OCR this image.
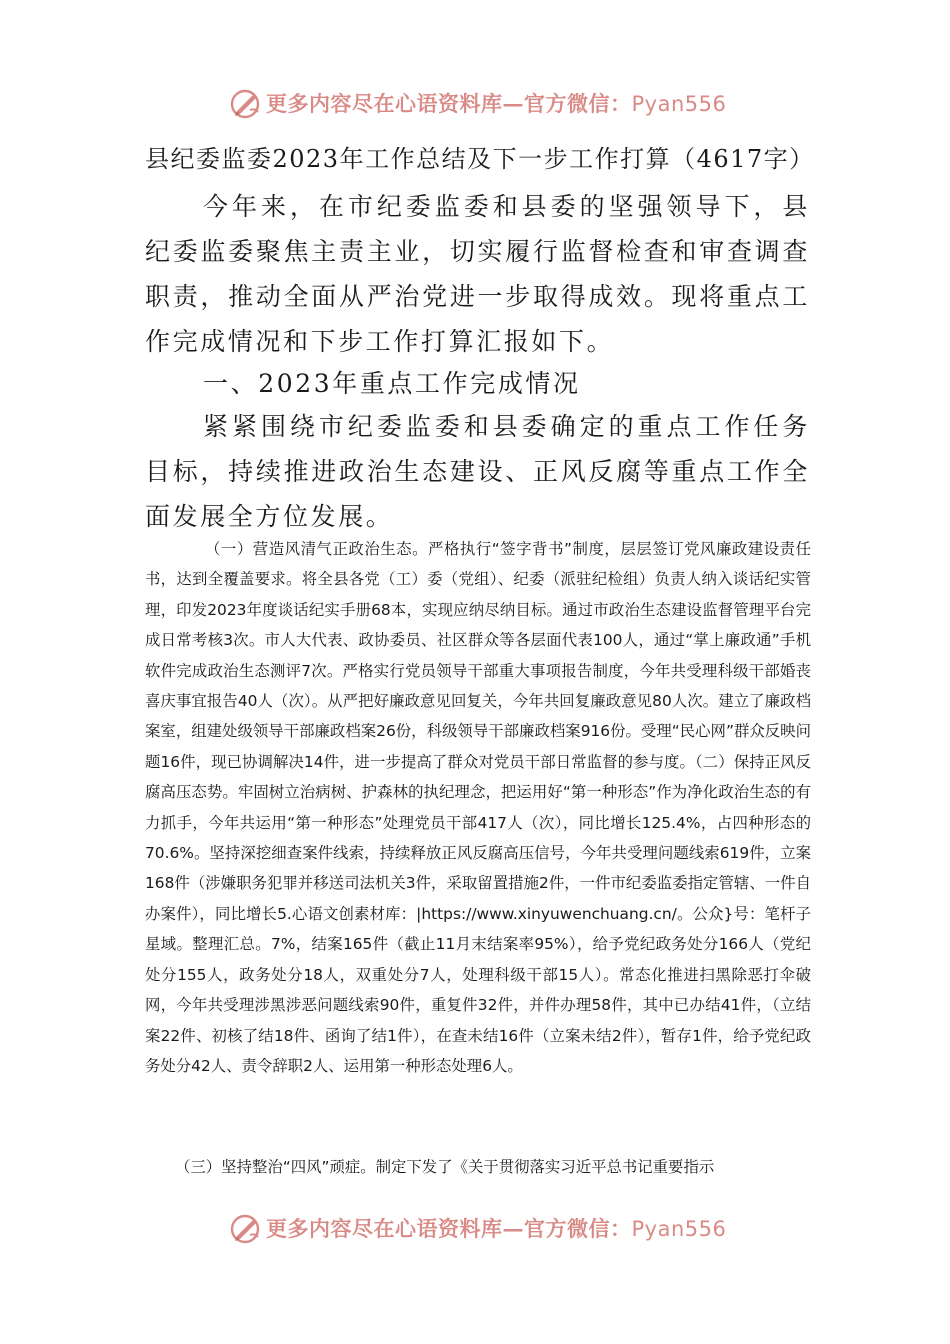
更多内容尽在心语资料库—官方微信：Pyan556
县纪委监委2023年工作总结及下一步工作打算（4617字）

今年来，在市纪委监委和县委的坚强领导下，县纪委监委聚焦主责主业，切实履行监督检查和审查调查职责，推动全面从严治党进一步取得成效。现将重点工作完成情况和下步工作打算汇报如下。

一、2023年重点工作完成情况

紧紧围绕市纪委监委和县委确定的重点工作任务目标，持续推进政治生态建设、正风反腐等重点工作全面发展全方位发展。

（一）营造风清气正政治生态。严格执行“签字背书”制度，层层签订党风廉政建设责任书，达到全覆盖要求。将全县各党（工）委（党组）、纪委（派驻纪检组）负责人纳入谈话纪实管理，印发2023年度谈话纪实手册68本，实现应纳尽纳目标。通过市政治生态建设监督管理平台完成日常考核3次。市人大代表、政协委员、社区群众等各层面代表100人，通过“掌上廉政通”手机软件完成政治生态测评7次。严格实行党员领导干部重大事项报告制度，今年共受理科级干部婚丧喜庆事宜报告40人（次）。从严把好廉政意见回复关，今年共回复廉政意见80人次。建立了廉政档案室，组建处级领导干部廉政档案26份，科级领导干部廉政档案916份。受理“民心网”群众反映问题16件，现已协调解决14件，进一步提高了群众对党员干部日常监督的参与度。（二）保持正风反腐高压态势。牢固树立治病树、护森林的执纪理念，把运用好“第一种形态”作为净化政治生态的有力抓手，今年共运用“第一种形态”处理党员干部417人（次），同比增长125.4%，占四种形态的70.6%。坚持深挖细查案件线索，持续释放正风反腐高压信号，今年共受理问题线索619件，立案168件（涉嫌职务犯罪并移送司法机关3件，采取留置措施2件，一件市纪委监委指定管辖、一件自办案件），同比增长5.心语文创素材库：|https://www.xinyuwenchuang.cn/。公众}号：笔杆子星域。整理汇总。7%，结案165件（截止11月末结案率95%），给予党纪政务处分166人（党纪处分155人，政务处分18人，双重处分7人，处理科级干部15人）。常态化推进扫黑除恶打伞破网，今年共受理涉黑涉恶问题线索90件，重复件32件，并件办理58件，其中已办结41件，（立结案22件、初核了结18件、函询了结1件），在查未结16件（立案未结2件），暂存1件，给予党纪政务处分42人、责令辞职2人、运用第一种形态处理6人。

（三）坚持整治“四风”顽症。制定下发了《关于贯彻落实习近平总书记重要指示

更多内容尽在心语资料库—官方微信：Pyan556
